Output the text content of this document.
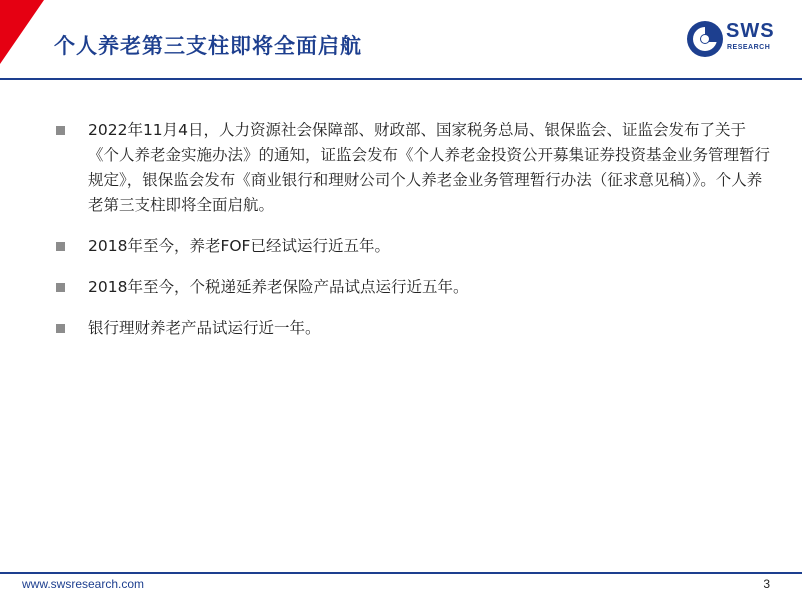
个人养老第三支柱即将全面启航
SWS
RESEARCH
2022年11月4日，人力资源社会保障部、财政部、国家税务总局、银保监会、证监会发布了关于《个人养老金实施办法》的通知，证监会发布《个人养老金投资公开募集证券投资基金业务管理暂行规定》，银保监会发布《商业银行和理财公司个人养老金业务管理暂行办法（征求意见稿）》。个人养老第三支柱即将全面启航。
2018年至今，养老FOF已经试运行近五年。
2018年至今，个税递延养老保险产品试点运行近五年。
银行理财养老产品试运行近一年。
www.swsresearch.com	3
